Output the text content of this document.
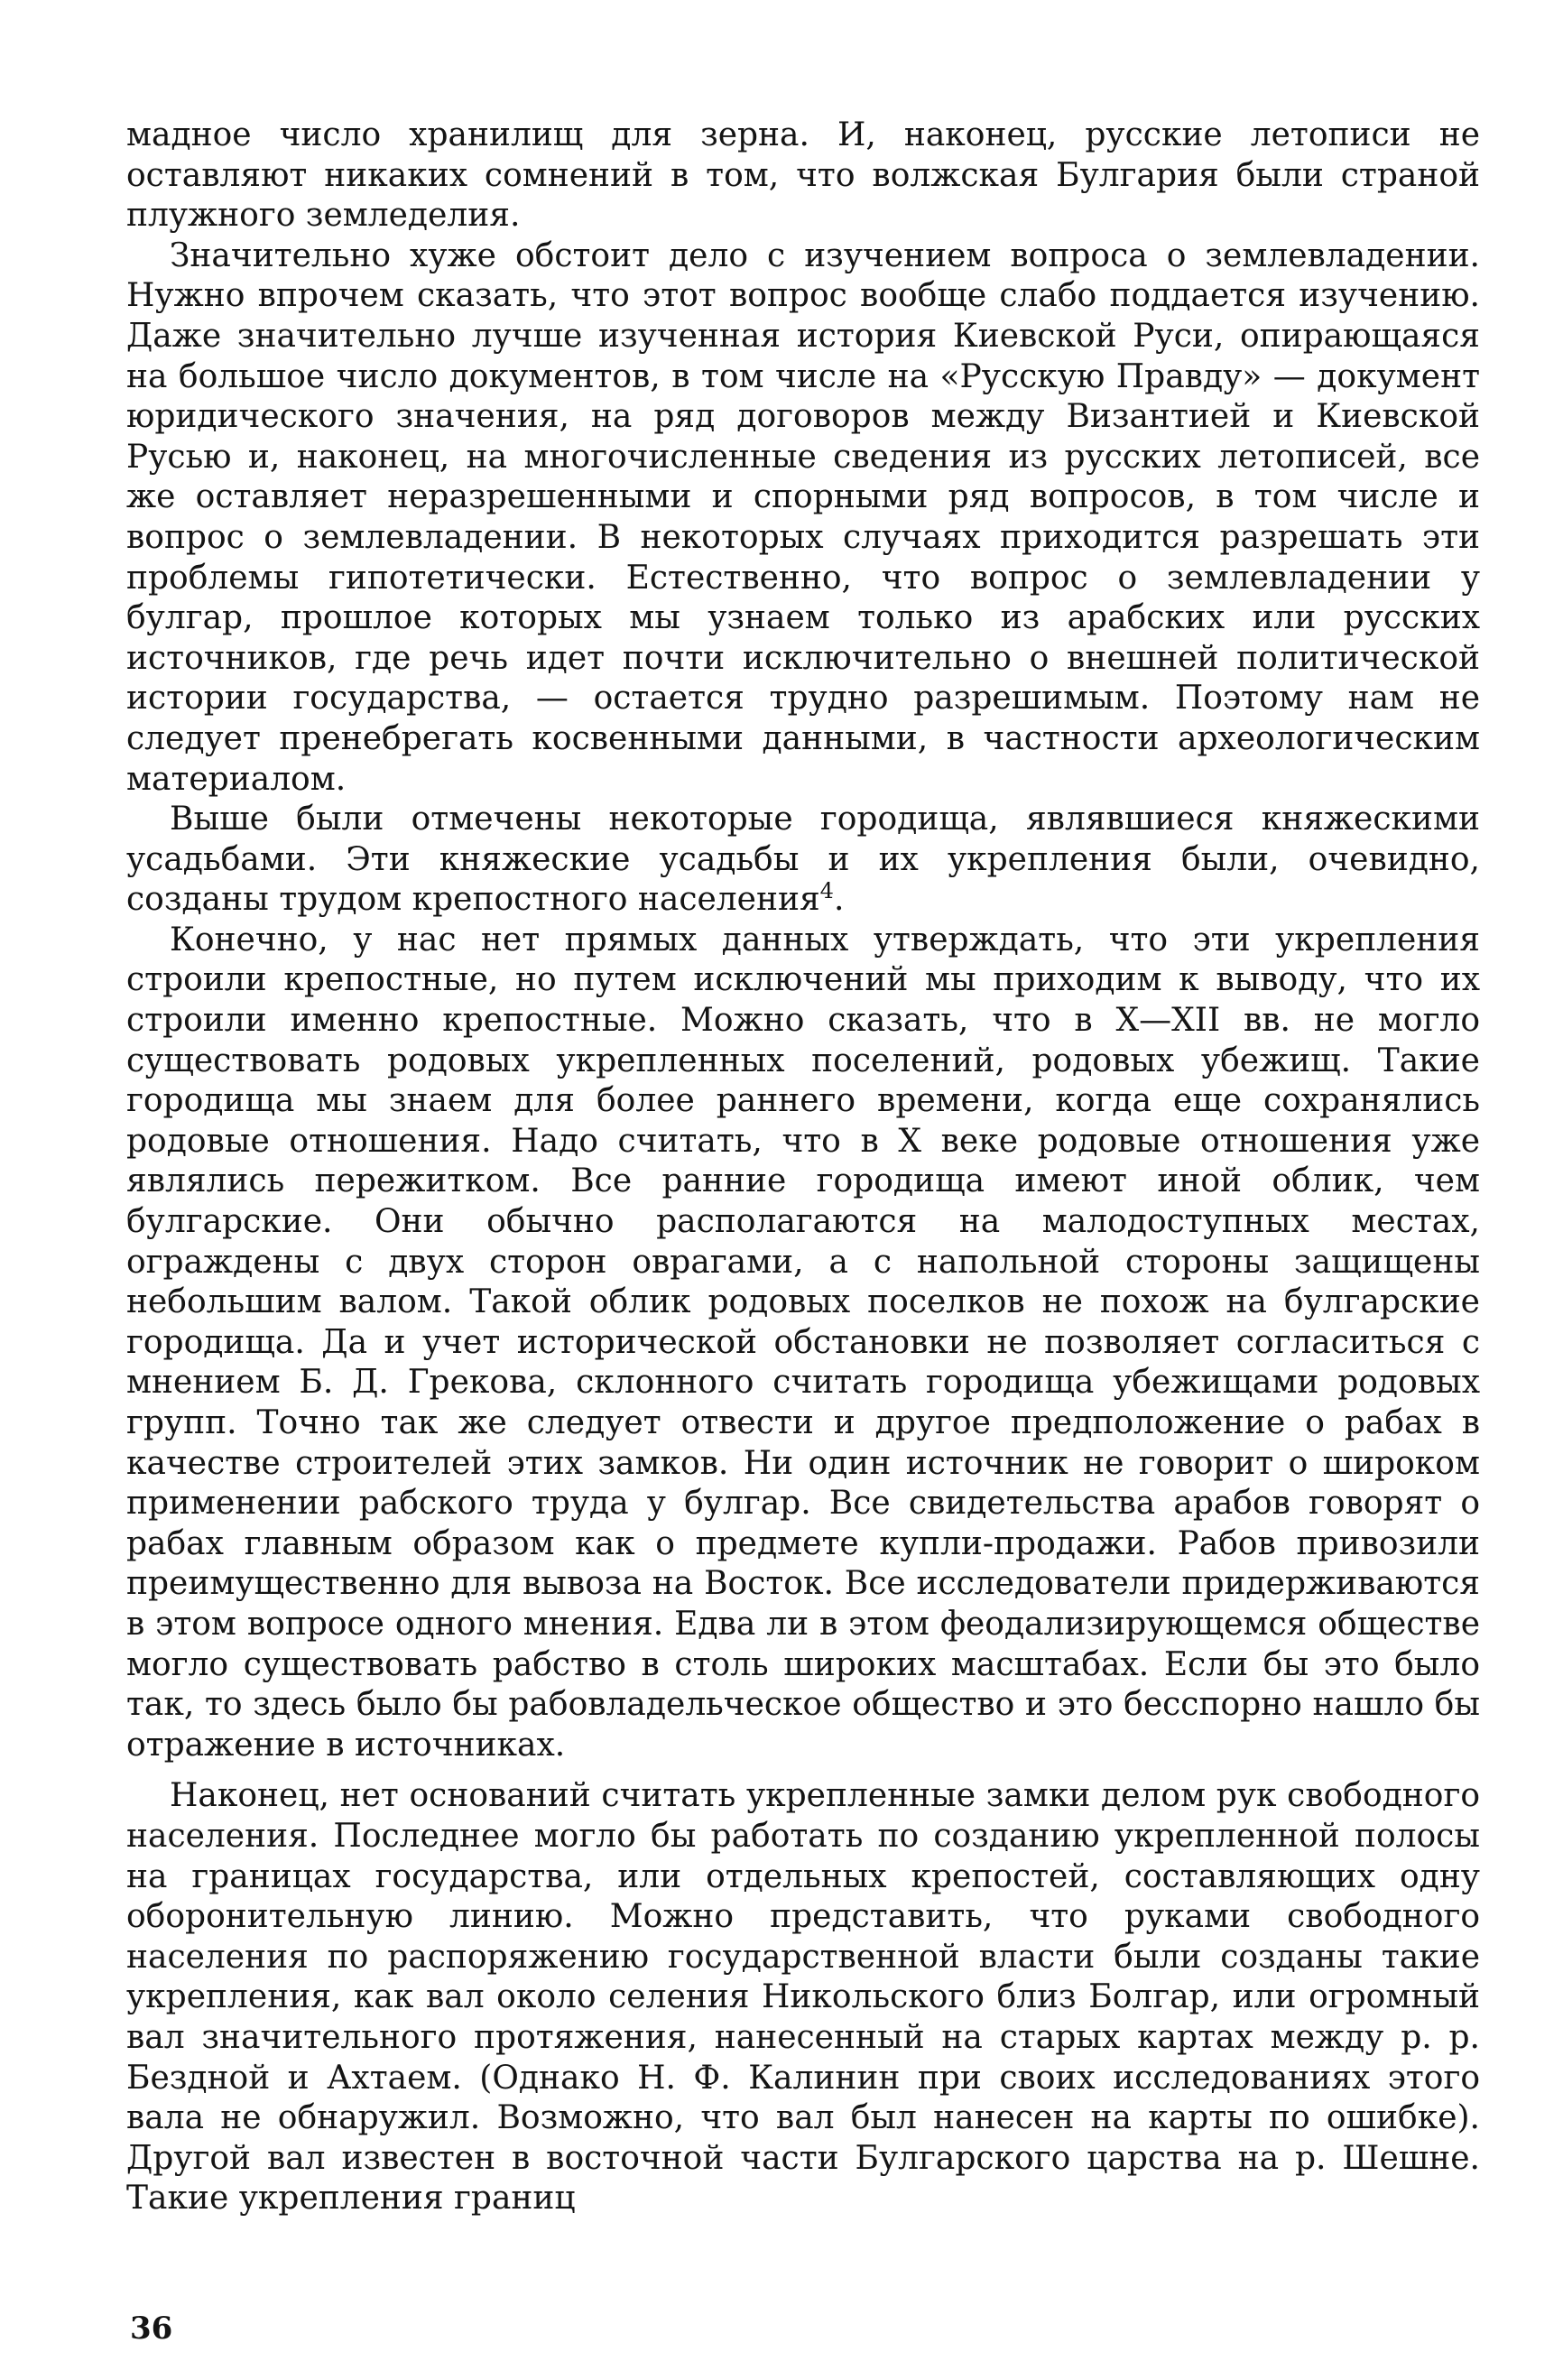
мадное число хранилищ для зерна. И, наконец, русские летописи не оставляют никаких сомнений в том, что волжская Булгария были страной плужного земледелия.

Значительно хуже обстоит дело с изучением вопроса о землевладении. Нужно впрочем сказать, что этот вопрос вообще слабо поддается изучению. Даже значительно лучше изученная история Киевской Руси, опирающаяся на большое число документов, в том числе на «Русскую Правду» — документ юридического значения, на ряд договоров между Византией и Киевской Русью и, наконец, на многочисленные сведения из русских летописей, все же оставляет неразрешенными и спорными ряд вопросов, в том числе и вопрос о землевладении. В некоторых случаях приходится разрешать эти проблемы гипотетически. Естественно, что вопрос о землевладении у булгар, прошлое которых мы узнаем только из арабских или русских источников, где речь идет почти исключительно о внешней политической истории государства, — остается трудно разрешимым. Поэтому нам не следует пренебрегать косвенными данными, в частности археологическим материалом.

Выше были отмечены некоторые городища, являвшиеся княжескими усадьбами. Эти княжеские усадьбы и их укрепления были, очевидно, созданы трудом крепостного населения$^4$.

Конечно, у нас нет прямых данных утверждать, что эти укрепления строили крепостные, но путем исключений мы приходим к выводу, что их строили именно крепостные. Можно сказать, что в X—XII вв. не могло существовать родовых укрепленных поселений, родовых убежищ. Такие городища мы знаем для более раннего времени, когда еще сохранялись родовые отношения. Надо считать, что в X веке родовые отношения уже являлись пережитком. Все ранние городища имеют иной облик, чем булгарские. Они обычно располагаются на малодоступных местах, ограждены с двух сторон оврагами, а с напольной стороны защищены небольшим валом. Такой облик родовых поселков не похож на булгарские городища. Да и учет исторической обстановки не позволяет согласиться с мнением Б. Д. Грекова, склонного считать городища убежищами родовых групп. Точно так же следует отвести и другое предположение о рабах в качестве строителей этих замков. Ни один источник не говорит о широком применении рабского труда у булгар. Все свидетельства арабов говорят о рабах главным образом как о предмете купли-продажи. Рабов привозили преимущественно для вывоза на Восток. Все исследователи придерживаются в этом вопросе одного мнения. Едва ли в этом феодализирующемся обществе могло существовать рабство в столь широких масштабах. Если бы это было так, то здесь было бы рабовладельческое общество и это бесспорно нашло бы отражение в источниках.

Наконец, нет оснований считать укрепленные замки делом рук свободного населения. Последнее могло бы работать по созданию укрепленной полосы на границах государства, или отдельных крепостей, составляющих одну оборонительную линию. Можно представить, что руками свободного населения по распоряжению государственной власти были созданы такие укрепления, как вал около селения Никольского близ Болгар, или огромный вал значительного протяжения, нанесенный на старых картах между р. р. Бездной и Ахтаем. (Однако Н. Ф. Калинин при своих исследованиях этого вала не обнаружил. Возможно, что вал был нанесен на карты по ошибке). Другой вал известен в восточной части Булгарского царства на р. Шешне. Такие укрепления границ

36
